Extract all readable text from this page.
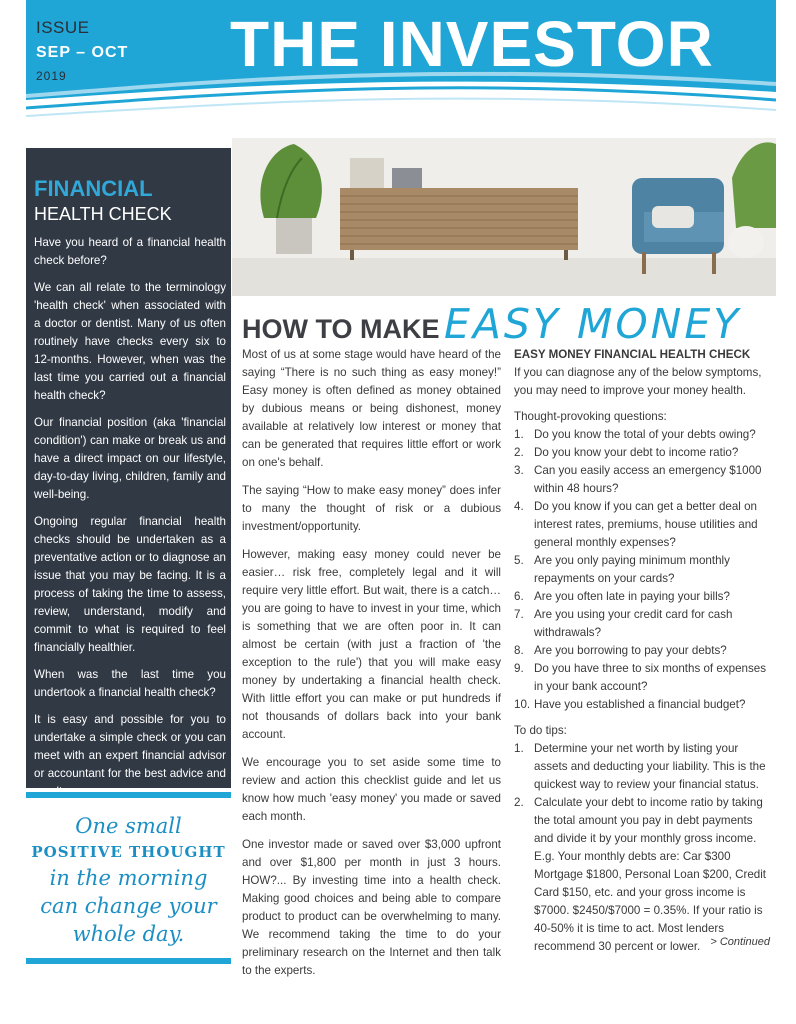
ISSUE
SEP – OCT
2019	THE INVESTOR
FINANCIAL
HEALTH CHECK

Have you heard of a financial health check before?

We can all relate to the terminology 'health check' when associated with a doctor or dentist. Many of us often routinely have checks every six to 12-months. However, when was the last time you carried out a financial health check?

Our financial position (aka 'financial condition') can make or break us and have a direct impact on our lifestyle, day-to-day living, children, family and well-being.

Ongoing regular financial health checks should be undertaken as a preventative action or to diagnose an issue that you may be facing. It is a process of taking the time to assess, review, understand, modify and commit to what is required to feel financially healthier.

When was the last time you undertook a financial health check?

It is easy and possible for you to undertake a simple check or you can meet with an expert financial advisor or accountant for the best advice and

One small
POSITIVE THOUGHT
in the morning
can change your
whole day.
HOW TO MAKE EASY MONEY

Most of us at some stage would have heard of the saying “There is no such thing as easy money!” Easy money is often defined as money obtained by dubious means or being dishonest, money available at relatively low interest or money that can be generated that requires little effort or work on one's behalf.

The saying “How to make easy money” does infer to many the thought of risk or a dubious investment/opportunity.

However, making easy money could never be easier… risk free, completely legal and it will require very little effort. But wait, there is a catch… you are going to have to invest in your time, which is something that we are often poor in. It can almost be certain (with just a fraction of 'the exception to the rule') that you will make easy money by undertaking a financial health check. With little effort you can make or put hundreds if not thousands of dollars back into your bank account.

We encourage you to set aside some time to review and action this checklist guide and let us know how much 'easy money' you made or saved each month.

One investor made or saved over $3,000 upfront and over $1,800 per month in just 3 hours. HOW?... By investing time into a health check. Making good choices and being able to compare product to product can be overwhelming to many. We recommend taking the time to do your preliminary research on the Internet and then talk to the experts.

EASY MONEY FINANCIAL HEALTH CHECK
If you can diagnose any of the below symptoms, you may need to improve your money health.
Thought-provoking questions:
1. Do you know the total of your debts owing?
2. Do you know your debt to income ratio?
3. Can you easily access an emergency $1000 within 48 hours?
4. Do you know if you can get a better deal on interest rates, premiums, house utilities and general monthly expenses?
5. Are you only paying minimum monthly repayments on your cards?
6. Are you often late in paying your bills?
7. Are you using your credit card for cash withdrawals?
8. Are you borrowing to pay your debts?
9. Do you have three to six months of expenses in your bank account?
10. Have you established a financial budget?
To do tips:
1. Determine your net worth by listing your assets and deducting your liability. This is the quickest way to review your financial status.
2. Calculate your debt to income ratio by taking the total amount you pay in debt payments and divide it by your monthly gross income. E.g. Your monthly debts are: Car $300 Mortgage $1800, Personal Loan $200, Credit Card $150, etc. and your gross income is $7000. $2450/$7000 = 0.35%. If your ratio is 40-50% it is time to act. Most lenders recommend 30 percent or lower. > Continued
